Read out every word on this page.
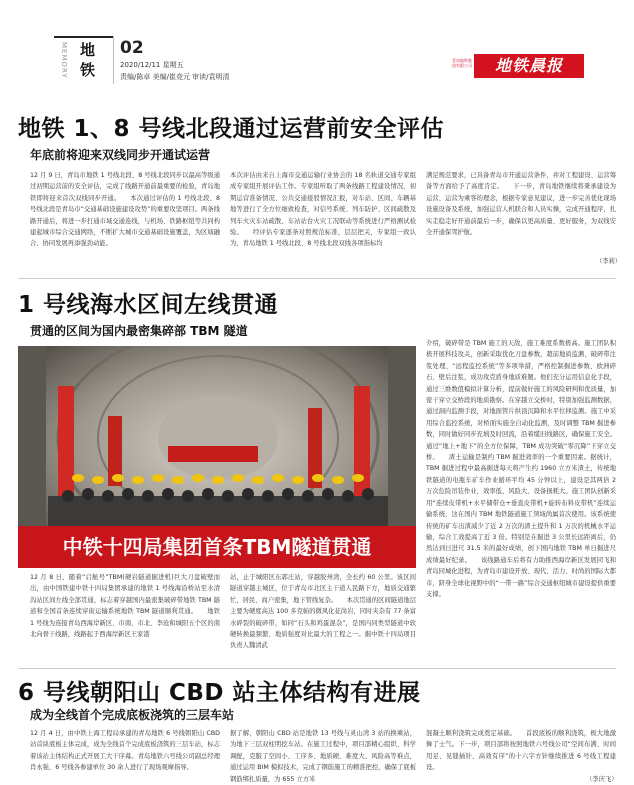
MEMORY 地铁
02
2020/12/11 星期五
责编/陈卓 美编/崔竞元 审读/袁明清
青岛地铁集团有限公司	地铁晨报
地铁 1、8 号线北段通过运营前安全评估
年底前将迎来双线同步开通试运营
12 月 9 日，青岛市地铁 1 号线北段、8 号线北段同步以最高等级通过初期运营前的安全评估，完成了线路开通前最重要的检验，青岛地铁即将迎来首次双线同步开通。　　本次通过评估的 1 号线北段、8 号线北段是青岛市“交通基础设施建设攻势”的重要攻坚项目。两条线路开通后，将进一步打通市域交通连线，与机场、铁路枢纽等共同构建起城市综合交通网络，不断扩大城市交通基础设施覆盖，为区域融合、协同发展再添强劲动能。
本次评估由来自上海市交通运输行业协会的 18 名轨道交通专家组成专家组开展评估工作。专家组听取了两条线路工程建设情况、初期运营准备情况、公共交通接驳情况汇报，对车站、区间、车辆基地等进行了全方位细致检查，对信号系统、列车防护、区间疏散及列车火灾车站疏散、车站站台火灾工况联动等系统进行严格测试检验。　　经评估专家逐条对照规范标准，层层把关，专家组一致认为，青岛地铁 1 号线北段、8 号线北段双线各项指标均
满足规范要求，已具备青岛市开通运营条件，并对工程建设、运营筹备等方面给予了高度肯定。　　下一步，青岛地铁继续将秉承建设为运营、运营为乘客的理念，根据专家意见建议，进一步完善优化现场设施设备及系统，加强运营人机联合和人员实操，完成开通程序，扎实走稳走好开通前最后一步，确保以更高质量、更好服务，为双线安全开通保驾护航。
（李莉）
1 号线海水区间左线贯通
贯通的区间为国内最密集碎部 TBM 隧道
中铁十四局集团首条TBM隧道贯通
12 月 8 日，随着“启航号”TBM(硬岩隧道掘进机)巨大刀盘破壁而出，由中国铁建中铁十四局集团承建的地铁 1 号线海沿桥站至水清沟站区间左线全部贯通，标志着穿越国内最密集破碎带地铁 TBM 隧道和全国首条连续穿街运输系统地铁 TBM 隧道顺利贯通。　　地铁 1 号线为连接青岛西海岸新区、市南、市北、李沧和城阳五个区的南北向骨干线路，线路起于西海岸新区王家港
站，止于城阳区东郭庄站，穿越胶州湾，全长约 60 公里。该区间隧道穿越主城区，位于青岛市北区主干道人民路下方，地质交通繁忙，居民、商户密集，地下管线复杂。　　本次贯通的区间隧道地层主要为硬度高达 100 多克帕的微风化花岗岩，同时夹杂有 77 条富水碎裂的破碎带，如同“石头和鸡蛋混杂”，是国内同类型隧道中软硬转换最频繁、地质强度对比最大的工程之一。掘中铁十四局项目负责人魏清武
介绍，破碎带是 TBM 施工的天敌，施工难度系数极高。施工团队积极开展科技攻关，创新采取优化刀盘参数，超前地质监测、破碎带注浆处理、“远程监控系统”等多项举措，严格控制掘进参数、欧洲碎石、壁后注浆，成功攻克盾身地质难题。他们充分运用信息化手段，通过三维数值模拟计算分析，提前做好施工的风险研判和优质量，加密干穿立交桥段的地质勘察。在穿越立交桥时，特别加强监测数据，通过洞内监测手段，对地面管片拱顶沉降和水平位移监测。施工中采用综合监控系统，对桥面实施全自动化监测，及时调整 TBM 掘进参数，同时做好同步充填及时回流，沿着缆旧线路区，确保施工安全。通过“地上+地下”的全方位保障，TBM 成功突破“零沉降”下穿立交桥。　　渣土运输是制约 TBM 掘进效率的一个重要因素。据统计，TBM 掘进过程中最高掘进每天将产生约 1960 立方米渣土，传统地铁隧道的电瓶车矿车作业循环平均 45 分钟以上，建设是其两倍 2 万次危险吊装作业，效率低、风险大、设备损耗大。施工团队创新采用“连续皮带机+水平储带仓+垂直皮带机+旋转布料皮带机”连续运输系统，这在国内 TBM 地铁隧道施工领域尚属首次使用。该系统使传统的矿车出渣减少了近 2 万次的渣土提升和 1 万次的机械水平运输，综合工效提高了近 3 倍。特别是在掘进 3 公里长远距离后，仍然达到日进尺 31.5 米的最好成绩，创下国内地铁 TBM 单日掘进尺成绩最好纪录。　　该线路通车后将有力助推西海岸新区发展同飞和青岛同城化进程，为青岛市建设开放、现代、活力、时尚的国际大都市，跻身全球化视野中的“一带一路”综合交通枢纽城市建设提供重要支撑。
6 号线朝阳山 CBD 站主体结构有进展
成为全线首个完成底板浇筑的三层车站
12 月 4 日，由中铁上海工程局承建的青岛地铁 6 号线朝阳山 CBD 站首块底板主体完成，成为全线首个完成底板浇筑的三层车站，标志着该站主体结构正式开展工大干序幕。青岛地铁六号线公司副总经理肖永强、6 号线各参建单位 30 余人进行了现场观摩指导。
据了解，朝阳山 CBD 站是地铁 13 号线与灵山湾 3 站的换乘站，为地下三层双柱明挖车站。在施工过程中，项目部精心组织、科学调配，克服了空间小、工序多、地质硬、难度大、风险高等难点，通过运用 BIM 模拟技术，完成了钢筋施工的精准把控，确保了底板钢筋绑扎质量，为 655 立方米
混凝土顺利浇筑完成奠定基础。　　首段底板的顺利浇筑，极大地激舞了士气。下一步，项目部将按照地铁六号线公司“空间布满、时间用足、见缝插针、高效有序”的十六字方针继续推进 6 号线工程建设。
（李庆飞）
